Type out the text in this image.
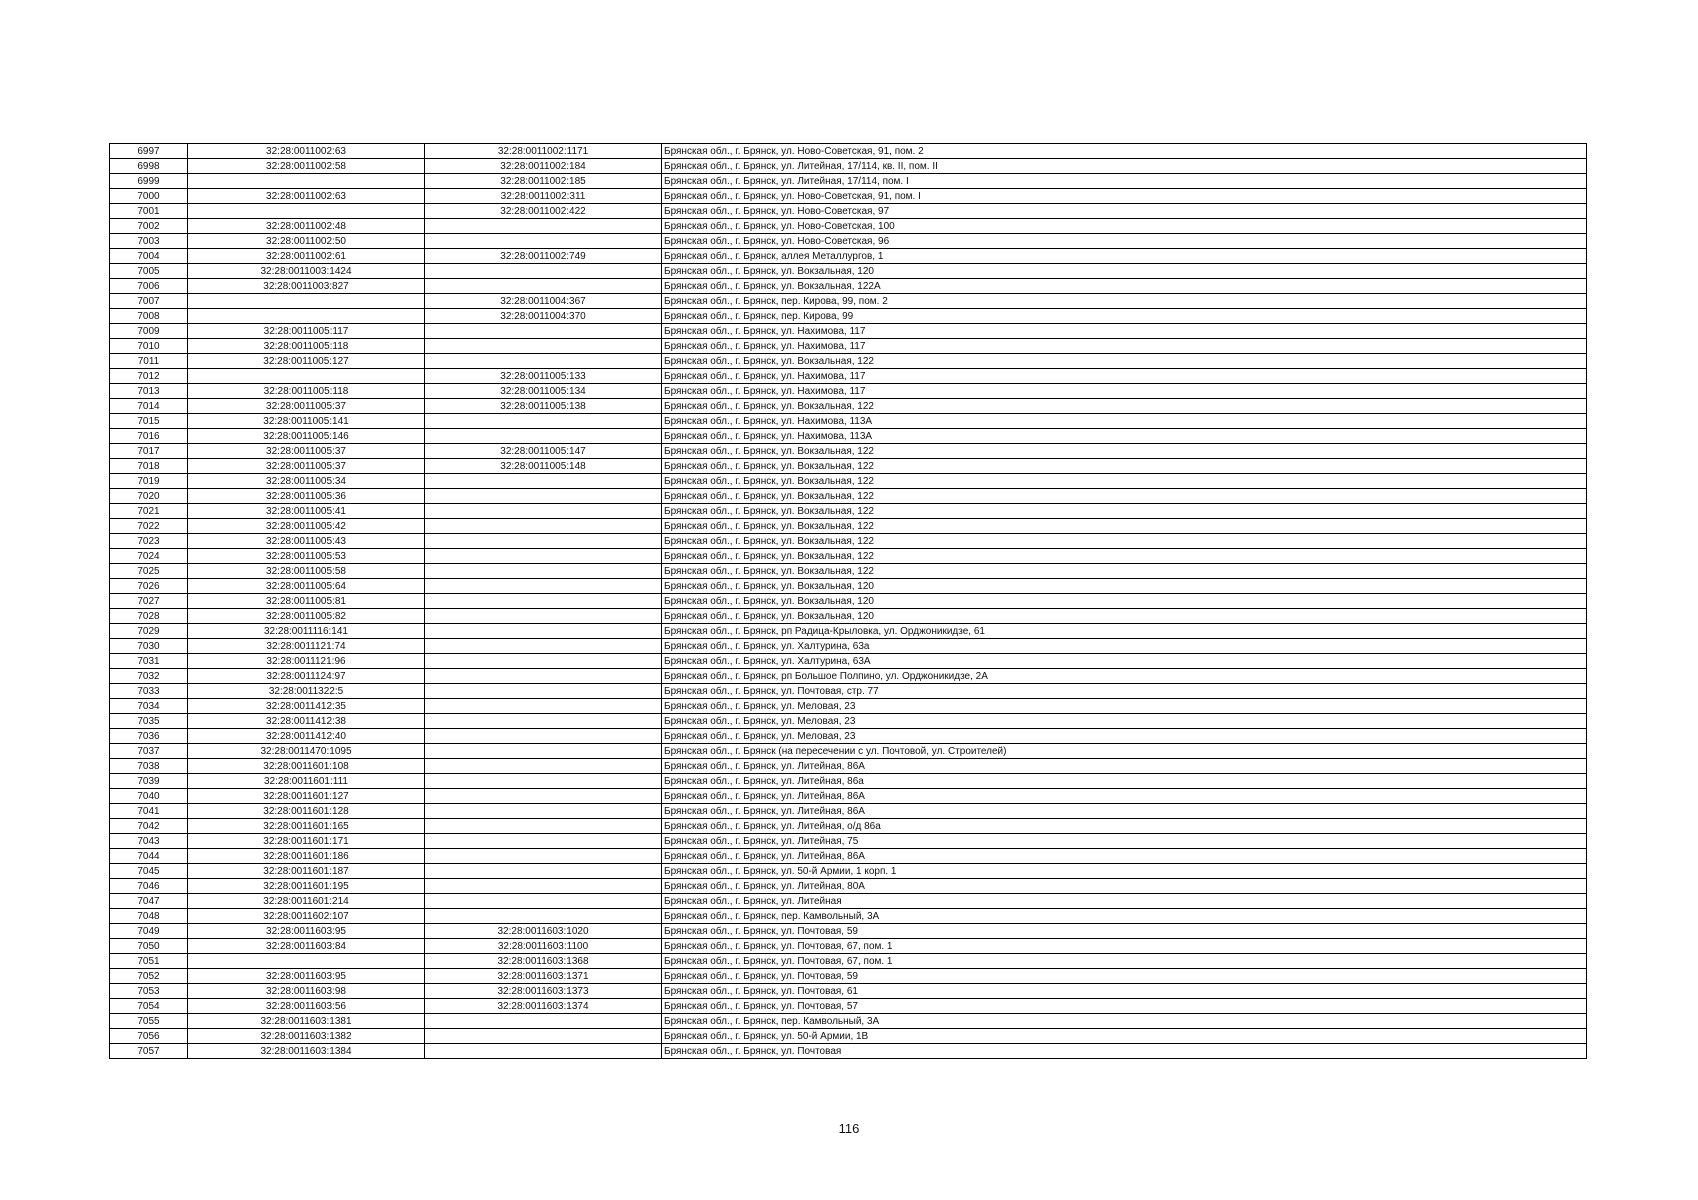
6997	32:28:0011002:63	32:28:0011002:1171	Брянская обл., г. Брянск, ул. Ново-Советская, 91, пом. 2
6998	32:28:0011002:58	32:28:0011002:184	Брянская обл., г. Брянск, ул. Литейная, 17/114, кв. II, пом. II
6999		32:28:0011002:185	Брянская обл., г. Брянск, ул. Литейная, 17/114, пом. I
7000	32:28:0011002:63	32:28:0011002:311	Брянская обл., г. Брянск, ул. Ново-Советская, 91, пом. I
7001		32:28:0011002:422	Брянская обл., г. Брянск, ул. Ново-Советская, 97
7002	32:28:0011002:48		Брянская обл., г. Брянск, ул. Ново-Советская, 100
7003	32:28:0011002:50		Брянская обл., г. Брянск, ул. Ново-Советская, 96
7004	32:28:0011002:61	32:28:0011002:749	Брянская обл., г. Брянск, аллея Металлургов, 1
7005	32:28:0011003:1424		Брянская обл., г. Брянск, ул. Вокзальная, 120
7006	32:28:0011003:827		Брянская обл., г. Брянск, ул. Вокзальная, 122А
7007		32:28:0011004:367	Брянская обл., г. Брянск, пер. Кирова, 99, пом. 2
7008		32:28:0011004:370	Брянская обл., г. Брянск, пер. Кирова, 99
7009	32:28:0011005:117		Брянская обл., г. Брянск, ул. Нахимова, 117
7010	32:28:0011005:118		Брянская обл., г. Брянск, ул. Нахимова, 117
7011	32:28:0011005:127		Брянская обл., г. Брянск, ул. Вокзальная, 122
7012		32:28:0011005:133	Брянская обл., г. Брянск, ул. Нахимова, 117
7013	32:28:0011005:118	32:28:0011005:134	Брянская обл., г. Брянск, ул. Нахимова, 117
7014	32:28:0011005:37	32:28:0011005:138	Брянская обл., г. Брянск, ул. Вокзальная, 122
7015	32:28:0011005:141		Брянская обл., г. Брянск, ул. Нахимова, 113А
7016	32:28:0011005:146		Брянская обл., г. Брянск, ул. Нахимова, 113А
7017	32:28:0011005:37	32:28:0011005:147	Брянская обл., г. Брянск, ул. Вокзальная, 122
7018	32:28:0011005:37	32:28:0011005:148	Брянская обл., г. Брянск, ул. Вокзальная, 122
7019	32:28:0011005:34		Брянская обл., г. Брянск, ул. Вокзальная, 122
7020	32:28:0011005:36		Брянская обл., г. Брянск, ул. Вокзальная, 122
7021	32:28:0011005:41		Брянская обл., г. Брянск, ул. Вокзальная, 122
7022	32:28:0011005:42		Брянская обл., г. Брянск, ул. Вокзальная, 122
7023	32:28:0011005:43		Брянская обл., г. Брянск, ул. Вокзальная, 122
7024	32:28:0011005:53		Брянская обл., г. Брянск, ул. Вокзальная, 122
7025	32:28:0011005:58		Брянская обл., г. Брянск, ул. Вокзальная, 122
7026	32:28:0011005:64		Брянская обл., г. Брянск, ул. Вокзальная, 120
7027	32:28:0011005:81		Брянская обл., г. Брянск, ул. Вокзальная, 120
7028	32:28:0011005:82		Брянская обл., г. Брянск, ул. Вокзальная, 120
7029	32:28:0011116:141		Брянская обл., г. Брянск, рп Радица-Крыловка, ул. Орджоникидзе, 61
7030	32:28:0011121:74		Брянская обл., г. Брянск, ул. Халтурина, 63а
7031	32:28:0011121:96		Брянская обл., г. Брянск, ул. Халтурина, 63А
7032	32:28:0011124:97		Брянская обл., г. Брянск, рп Большое Полпино, ул. Орджоникидзе, 2А
7033	32:28:0011322:5		Брянская обл., г. Брянск, ул. Почтовая, стр. 77
7034	32:28:0011412:35		Брянская обл., г. Брянск, ул. Меловая, 23
7035	32:28:0011412:38		Брянская обл., г. Брянск, ул. Меловая, 23
7036	32:28:0011412:40		Брянская обл., г. Брянск, ул. Меловая, 23
7037	32:28:0011470:1095		Брянская обл., г. Брянск (на пересечении с ул. Почтовой, ул. Строителей)
7038	32:28:0011601:108		Брянская обл., г. Брянск, ул. Литейная, 86А
7039	32:28:0011601:111		Брянская обл., г. Брянск, ул. Литейная, 86а
7040	32:28:0011601:127		Брянская обл., г. Брянск, ул. Литейная, 86А
7041	32:28:0011601:128		Брянская обл., г. Брянск, ул. Литейная, 86А
7042	32:28:0011601:165		Брянская обл., г. Брянск, ул. Литейная, о/д 86а
7043	32:28:0011601:171		Брянская обл., г. Брянск, ул. Литейная, 75
7044	32:28:0011601:186		Брянская обл., г. Брянск, ул. Литейная, 86А
7045	32:28:0011601:187		Брянская обл., г. Брянск, ул. 50-й Армии, 1 корп. 1
7046	32:28:0011601:195		Брянская обл., г. Брянск, ул. Литейная, 80А
7047	32:28:0011601:214		Брянская обл., г. Брянск, ул. Литейная
7048	32:28:0011602:107		Брянская обл., г. Брянск, пер. Камвольный, 3А
7049	32:28:0011603:95	32:28:0011603:1020	Брянская обл., г. Брянск, ул. Почтовая, 59
7050	32:28:0011603:84	32:28:0011603:1100	Брянская обл., г. Брянск, ул. Почтовая, 67, пом. 1
7051		32:28:0011603:1368	Брянская обл., г. Брянск, ул. Почтовая, 67, пом. 1
7052	32:28:0011603:95	32:28:0011603:1371	Брянская обл., г. Брянск, ул. Почтовая, 59
7053	32:28:0011603:98	32:28:0011603:1373	Брянская обл., г. Брянск, ул. Почтовая, 61
7054	32:28:0011603:56	32:28:0011603:1374	Брянская обл., г. Брянск, ул. Почтовая, 57
7055	32:28:0011603:1381		Брянская обл., г. Брянск, пер. Камвольный, 3А
7056	32:28:0011603:1382		Брянская обл., г. Брянск, ул. 50-й Армии, 1В
7057	32:28:0011603:1384		Брянская обл., г. Брянск, ул. Почтовая
116
